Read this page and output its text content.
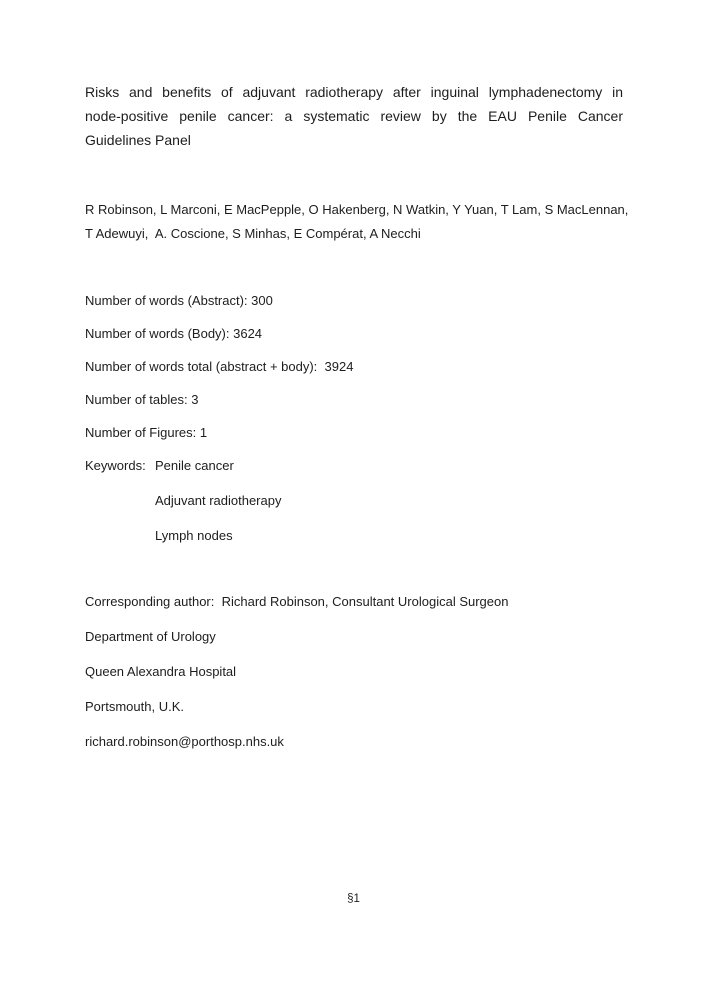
Risks and benefits of adjuvant radiotherapy after inguinal lymphadenectomy in
node-positive penile cancer: a systematic review by the EAU Penile Cancer
Guidelines Panel
R Robinson, L Marconi, E MacPepple, O Hakenberg, N Watkin, Y Yuan, T Lam, S MacLennan,
T Adewuyi,  A. Coscione, S Minhas, E Compérat, A Necchi

Number of words (Abstract): 300

Number of words (Body): 3624

Number of words total (abstract + body):  3924

Number of tables: 3

Number of Figures: 1

Keywords: Penile cancer

Adjuvant radiotherapy

Lymph nodes

Corresponding author:  Richard Robinson, Consultant Urological Surgeon

Department of Urology

Queen Alexandra Hospital

Portsmouth, U.K.

richard.robinson@porthosp.nhs.uk

§1
